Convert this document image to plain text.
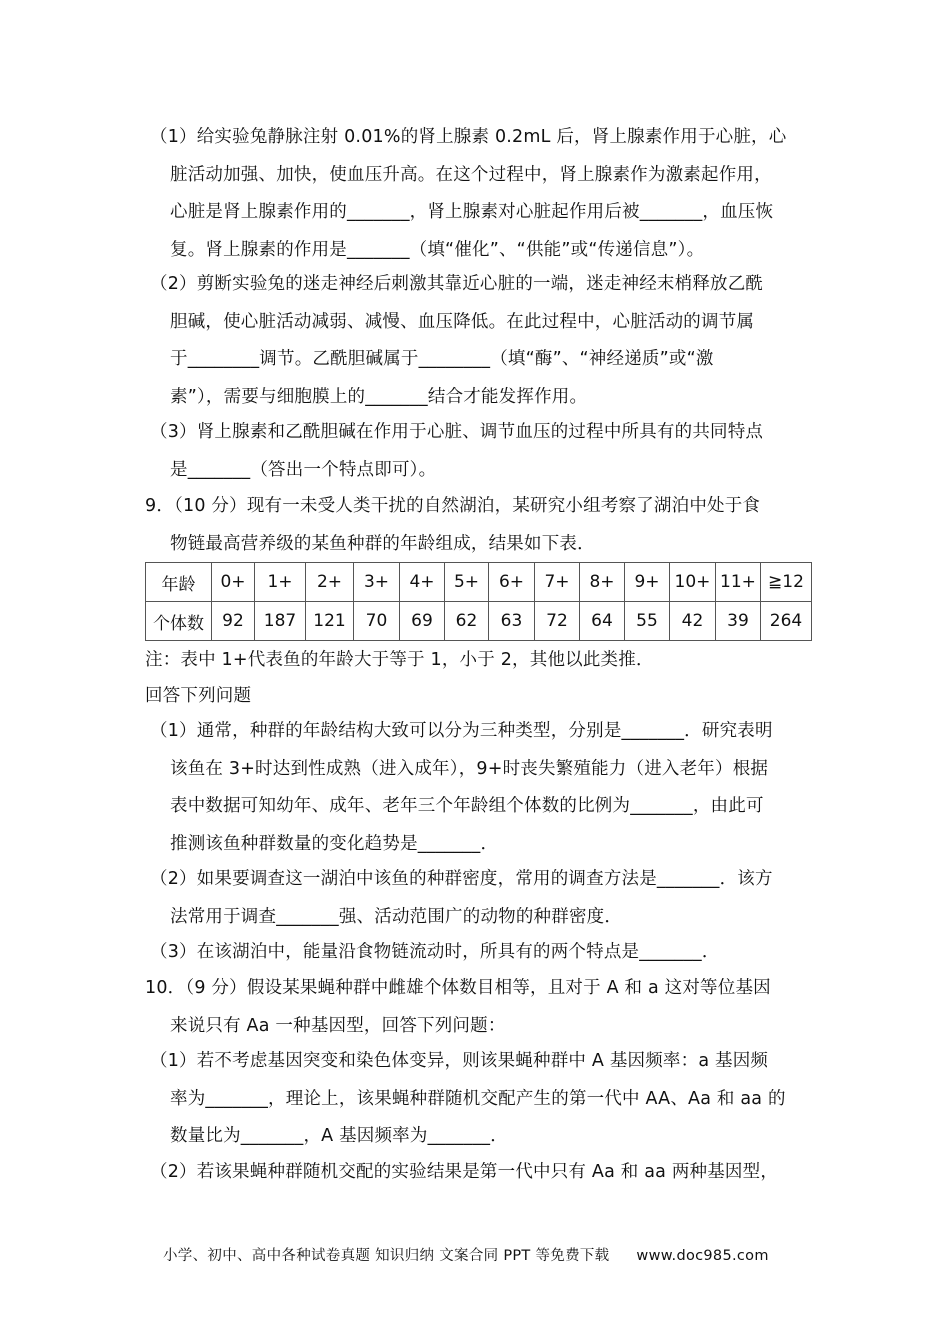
（1）给实验兔静脉注射 0.01%的肾上腺素 0.2mL 后，肾上腺素作用于心脏，心
脏活动加强、加快，使血压升高。在这个过程中，肾上腺素作为激素起作用，
心脏是肾上腺素作用的_______，肾上腺素对心脏起作用后被_______，血压恢
复。肾上腺素的作用是_______（填“催化”、“供能”或“传递信息”）。
（2）剪断实验兔的迷走神经后刺激其靠近心脏的一端，迷走神经末梢释放乙酰
胆碱，使心脏活动减弱、减慢、血压降低。在此过程中，心脏活动的调节属
于________调节。乙酰胆碱属于________（填“酶”、“神经递质”或“激
素”），需要与细胞膜上的_______结合才能发挥作用。
（3）肾上腺素和乙酰胆碱在作用于心脏、调节血压的过程中所具有的共同特点
是_______（答出一个特点即可）。
9．（10 分）现有一未受人类干扰的自然湖泊，某研究小组考察了湖泊中处于食
物链最高营养级的某鱼种群的年龄组成，结果如下表．
年龄	0+	1+	2+	3+	4+	5+	6+	7+	8+	9+	10+	11+	≧12
个体数	92	187	121	70	69	62	63	72	64	55	42	39	264
注：表中 1+代表鱼的年龄大于等于 1，小于 2，其他以此类推．
回答下列问题
（1）通常，种群的年龄结构大致可以分为三种类型，分别是_______．研究表明
该鱼在 3+时达到性成熟（进入成年），9+时丧失繁殖能力（进入老年）根据
表中数据可知幼年、成年、老年三个年龄组个体数的比例为_______，由此可
推测该鱼种群数量的变化趋势是_______．
（2）如果要调查这一湖泊中该鱼的种群密度，常用的调查方法是_______．该方
法常用于调查_______强、活动范围广的动物的种群密度．
（3）在该湖泊中，能量沿食物链流动时，所具有的两个特点是_______．
10．（9 分）假设某果蝇种群中雌雄个体数目相等，且对于 A 和 a 这对等位基因
来说只有 Aa 一种基因型，回答下列问题：
（1）若不考虑基因突变和染色体变异，则该果蝇种群中 A 基因频率：a 基因频
率为_______，理论上，该果蝇种群随机交配产生的第一代中 AA、Aa 和 aa 的
数量比为_______，A 基因频率为_______．
（2）若该果蝇种群随机交配的实验结果是第一代中只有 Aa 和 aa 两种基因型，
小学、初中、高中各种试卷真题 知识归纳 文案合同 PPT 等免费下载 www.doc985.com
